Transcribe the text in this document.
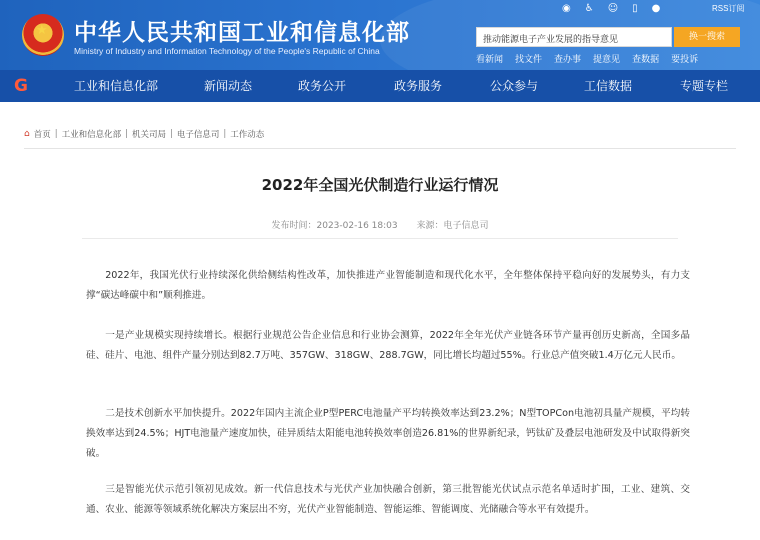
★ 中华人民共和国工业和信息化部
Ministry of Industry and Information Technology of the People's Republic of China
◉ ♿ ☺ ▯ ●	RSS订阅
推动能源电子产业发展的指导意见	换一搜索
看新闻 找文件 查办事 提意见 查数据 要投诉
G	工业和信息化部	新闻动态	政务公开	政务服务	公众参与	工信数据	专题专栏
⌂ 首页 | 工业和信息化部 | 机关司局 | 电子信息司 | 工作动态
2022年全国光伏制造行业运行情况
发布时间：2023-02-16 18:03 来源：电子信息司

2022年，我国光伏行业持续深化供给侧结构性改革，加快推进产业智能制造和现代化水平，全年整体保持平稳向好的发展势头，有力支撑“碳达峰碳中和”顺利推进。

一是产业规模实现持续增长。根据行业规范公告企业信息和行业协会测算，2022年全年光伏产业链各环节产量再创历史新高，全国多晶硅、硅片、电池、组件产量分别达到82.7万吨、357GW、318GW、288.7GW，同比增长均超过55%。行业总产值突破1.4万亿元人民币。

二是技术创新水平加快提升。2022年国内主流企业P型PERC电池量产平均转换效率达到23.2%；N型TOPCon电池初具量产规模，平均转换效率达到24.5%；HJT电池量产速度加快，硅异质结太阳能电池转换效率创造26.81%的世界新纪录，钙钛矿及叠层电池研发及中试取得新突破。

三是智能光伏示范引领初见成效。新一代信息技术与光伏产业加快融合创新，第三批智能光伏试点示范名单适时扩围，工业、建筑、交通、农业、能源等领域系统化解决方案层出不穷，光伏产业智能制造、智能运维、智能调度、光储融合等水平有效提升。
